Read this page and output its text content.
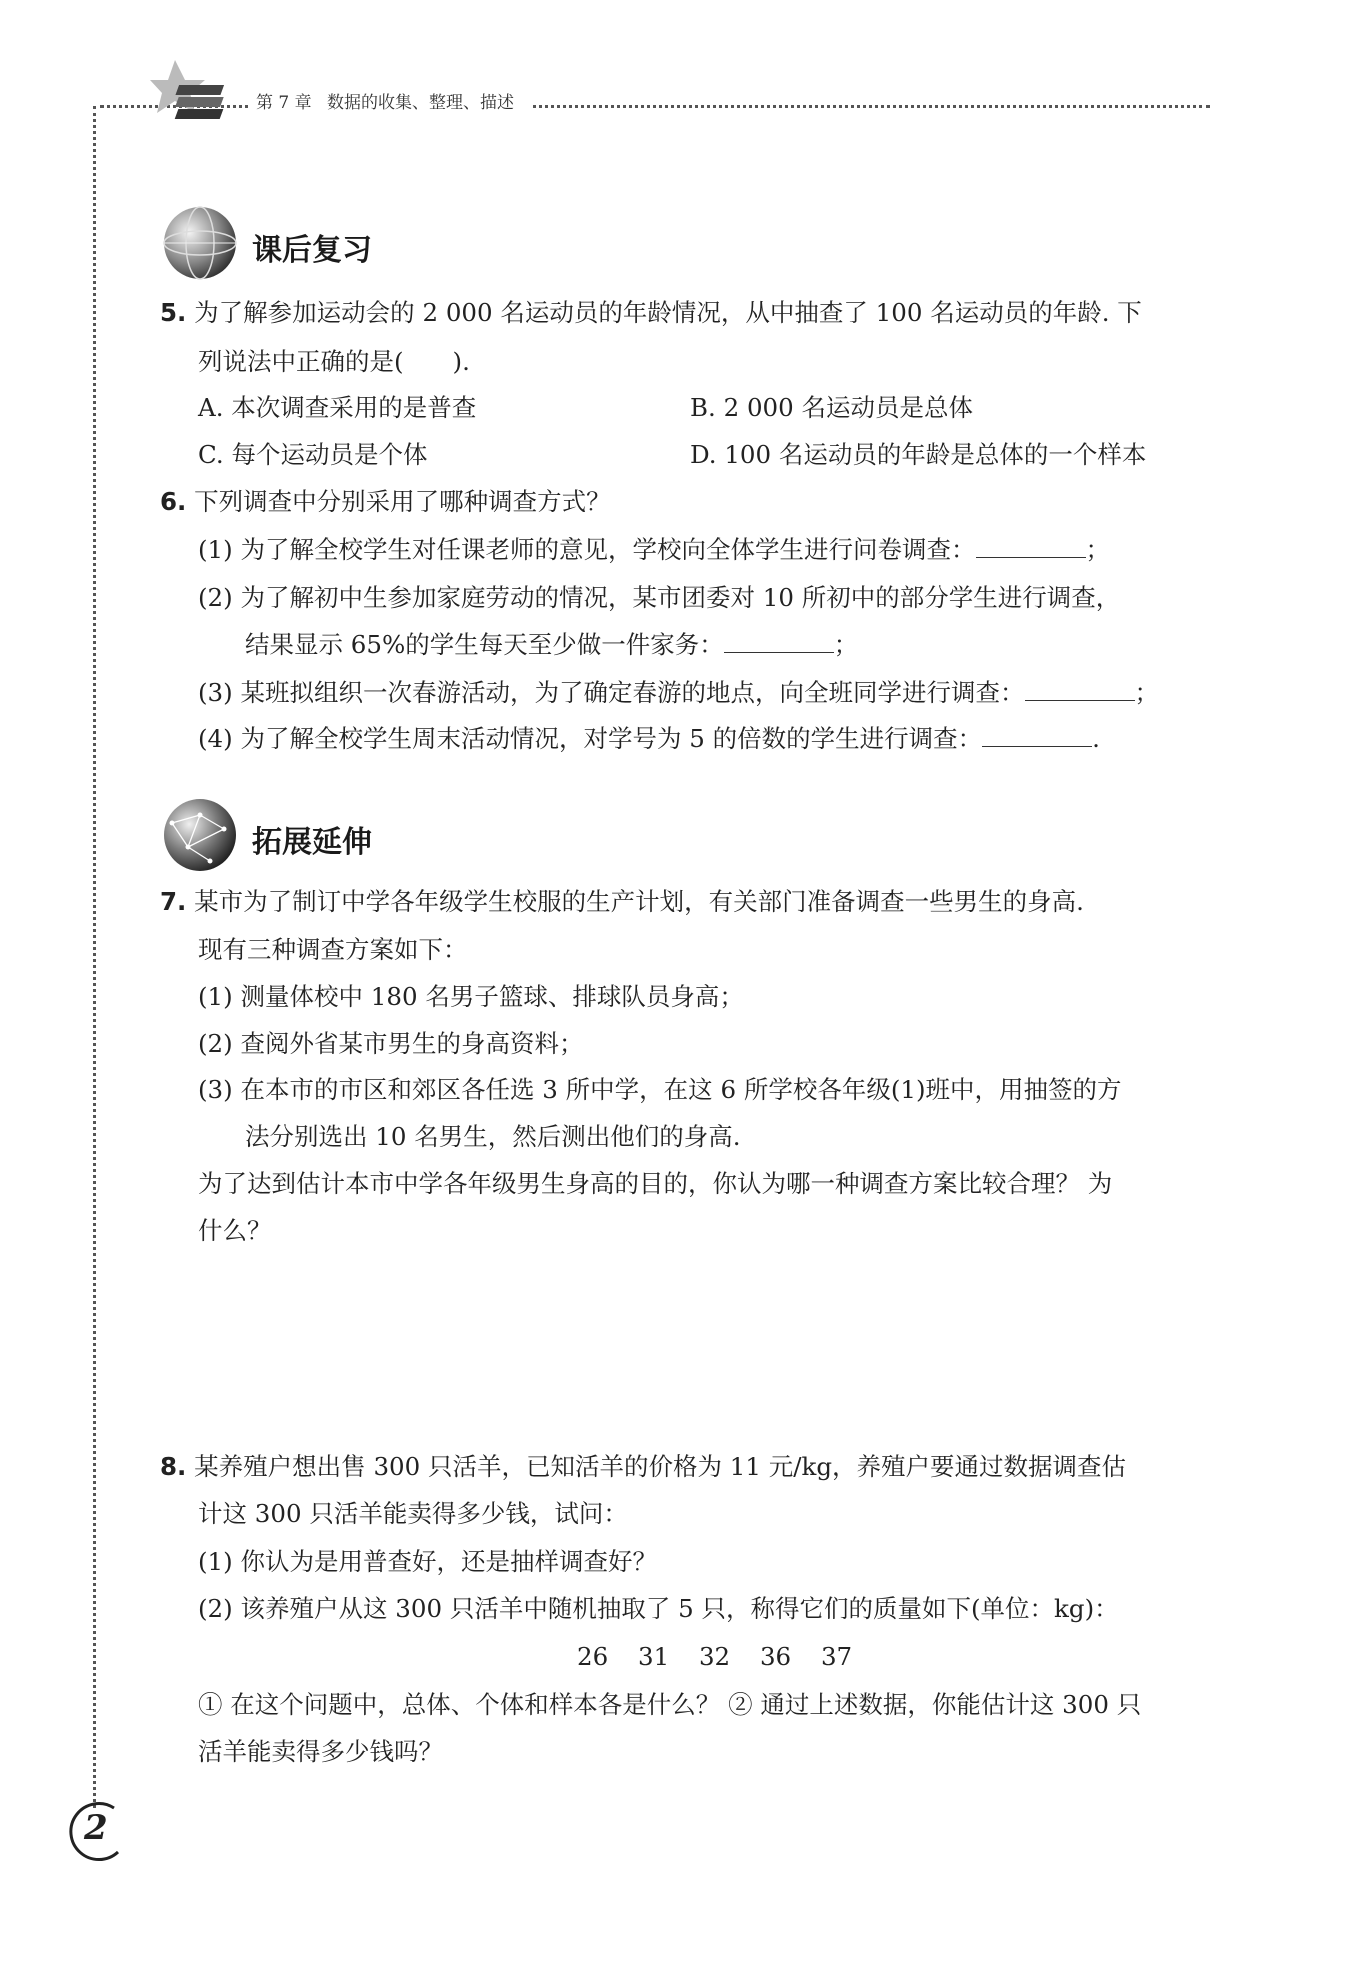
第 7 章 数据的收集、整理、描述
课后复习
5. 为了解参加运动会的 2 000 名运动员的年龄情况，从中抽查了 100 名运动员的年龄. 下
列说法中正确的是(　　).
A. 本次调查采用的是普查	B. 2 000 名运动员是总体
C. 每个运动员是个体	D. 100 名运动员的年龄是总体的一个样本
6. 下列调查中分别采用了哪种调查方式？
(1) 为了解全校学生对任课老师的意见，学校向全体学生进行问卷调查：	；
(2) 为了解初中生参加家庭劳动的情况，某市团委对 10 所初中的部分学生进行调查，
结果显示 65%的学生每天至少做一件家务：	；
(3) 某班拟组织一次春游活动，为了确定春游的地点，向全班同学进行调查：	；
(4) 为了解全校学生周末活动情况，对学号为 5 的倍数的学生进行调查：	.
拓展延伸
7. 某市为了制订中学各年级学生校服的生产计划，有关部门准备调查一些男生的身高.
现有三种调查方案如下：
(1) 测量体校中 180 名男子篮球、排球队员身高；
(2) 查阅外省某市男生的身高资料；
(3) 在本市的市区和郊区各任选 3 所中学，在这 6 所学校各年级(1)班中，用抽签的方
法分别选出 10 名男生，然后测出他们的身高.
为了达到估计本市中学各年级男生身高的目的，你认为哪一种调查方案比较合理？ 为
什么？
8. 某养殖户想出售 300 只活羊，已知活羊的价格为 11 元/kg，养殖户要通过数据调查估
计这 300 只活羊能卖得多少钱，试问：
(1) 你认为是用普查好，还是抽样调查好？
(2) 该养殖户从这 300 只活羊中随机抽取了 5 只，称得它们的质量如下(单位：kg)：
26 31 32 36 37
① 在这个问题中，总体、个体和样本各是什么？ ② 通过上述数据，你能估计这 300 只
活羊能卖得多少钱吗？
2
